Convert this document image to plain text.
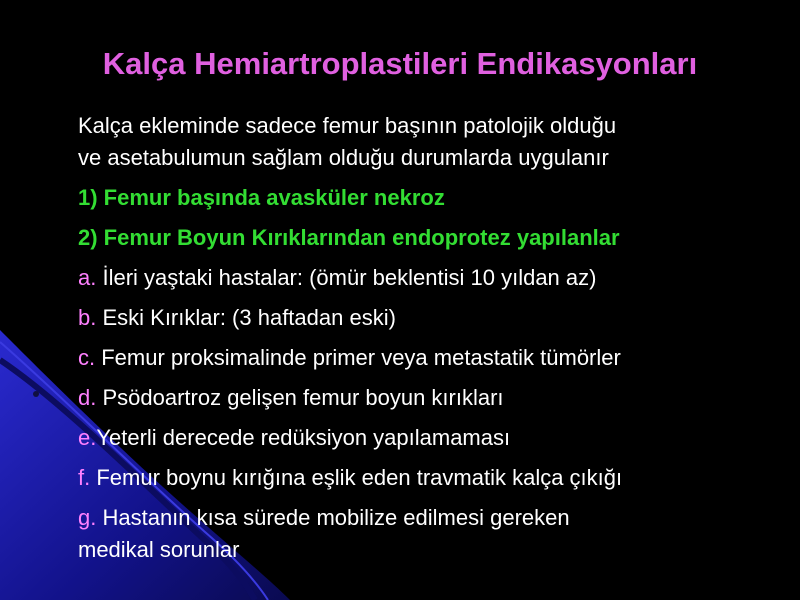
Kalça Hemiartroplastileri Endikasyonları
Kalça ekleminde sadece femur başının patolojik olduğu
ve asetabulumun sağlam olduğu durumlarda uygulanır
1) Femur başında avasküler nekroz
2) Femur Boyun Kırıklarından endoprotez yapılanlar
a. İleri yaştaki hastalar: (ömür beklentisi 10 yıldan az)
b. Eski Kırıklar: (3 haftadan eski)
c. Femur proksimalinde primer veya metastatik tümörler
d. Psödoartroz gelişen femur boyun kırıkları
e.Yeterli derecede redüksiyon yapılamaması
f. Femur boynu kırığına eşlik eden travmatik kalça çıkığı
g. Hastanın kısa sürede mobilize edilmesi gereken
medikal sorunlar
